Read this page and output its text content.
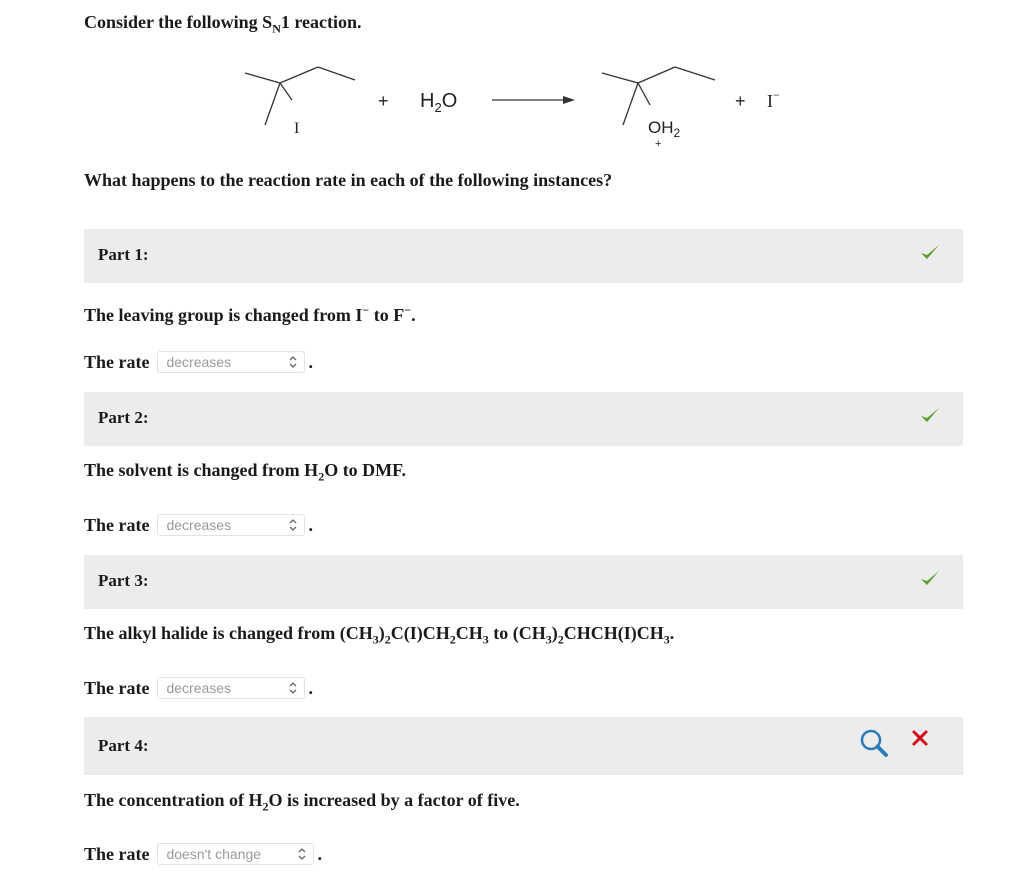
Consider the following $S_N1$ reaction.
I
+ $H_2O$
$OH_2$
+
+ I−
What happens to the reaction rate in each of the following instances?
Part 1:
The leaving group is changed from I− to F−.
The rate decreases	.
Part 2:
The solvent is changed from $H_2O$ to DMF.
The rate decreases	.
Part 3:
The alkyl halide is changed from $(CH_3)_2C(I)CH_2CH_3$ to $(CH_3)_2CHCH(I)CH_3$.
The rate decreases	.
Part 4:
The concentration of $H_2O$ is increased by a factor of five.
The rate doesn't change	.
